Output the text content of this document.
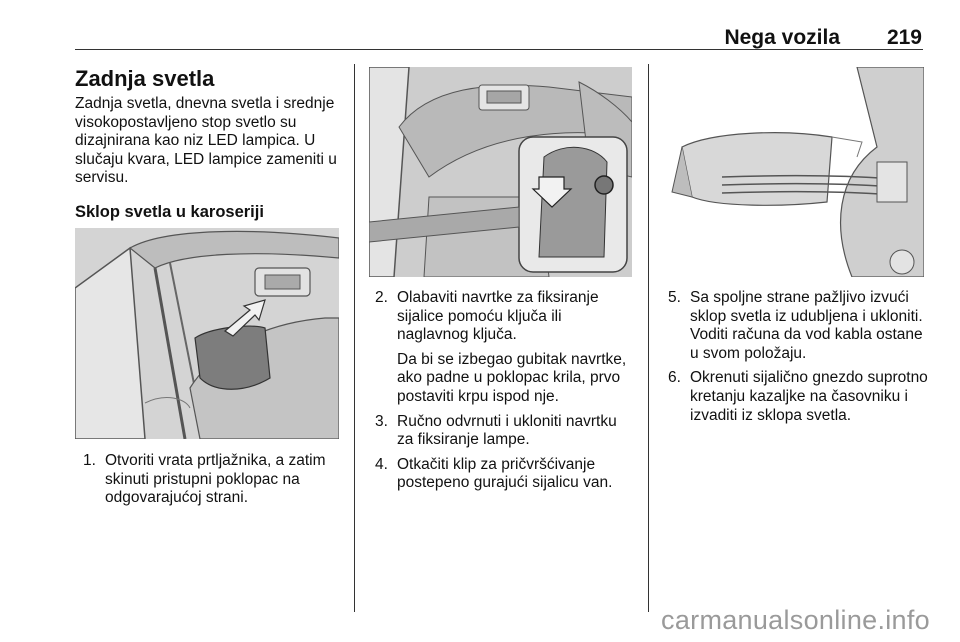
Nega vozila 219
Zadnja svetla

Zadnja svetla, dnevna svetla i srednje visokopostavljeno stop svetlo su dizajnirana kao niz LED lampica. U slučaju kvara, LED lampice zameniti u servisu.

Sklop svetla u karoseriji
1. Otvoriti vrata prtljažnika, a zatim skinuti pristupni poklopac na odgovarajućoj strani.
2. Olabaviti navrtke za fiksiranje sijalice pomoću ključa ili naglavnog ključa.
Da bi se izbegao gubitak navrtke, ako padne u poklopac krila, prvo postaviti krpu ispod nje.
3. Ručno odvrnuti i ukloniti navrtku za fiksiranje lampe.
4. Otkačiti klip za pričvršćivanje postepeno gurajući sijalicu van.
5. Sa spoljne strane pažljivo izvući sklop svetla iz udubljena i ukloniti. Voditi računa da vod kabla ostane u svom položaju.
6. Okrenuti sijalično gnezdo suprotno kretanju kazaljke na časovniku i izvaditi iz sklopa svetla.
carmanualsonline.info
